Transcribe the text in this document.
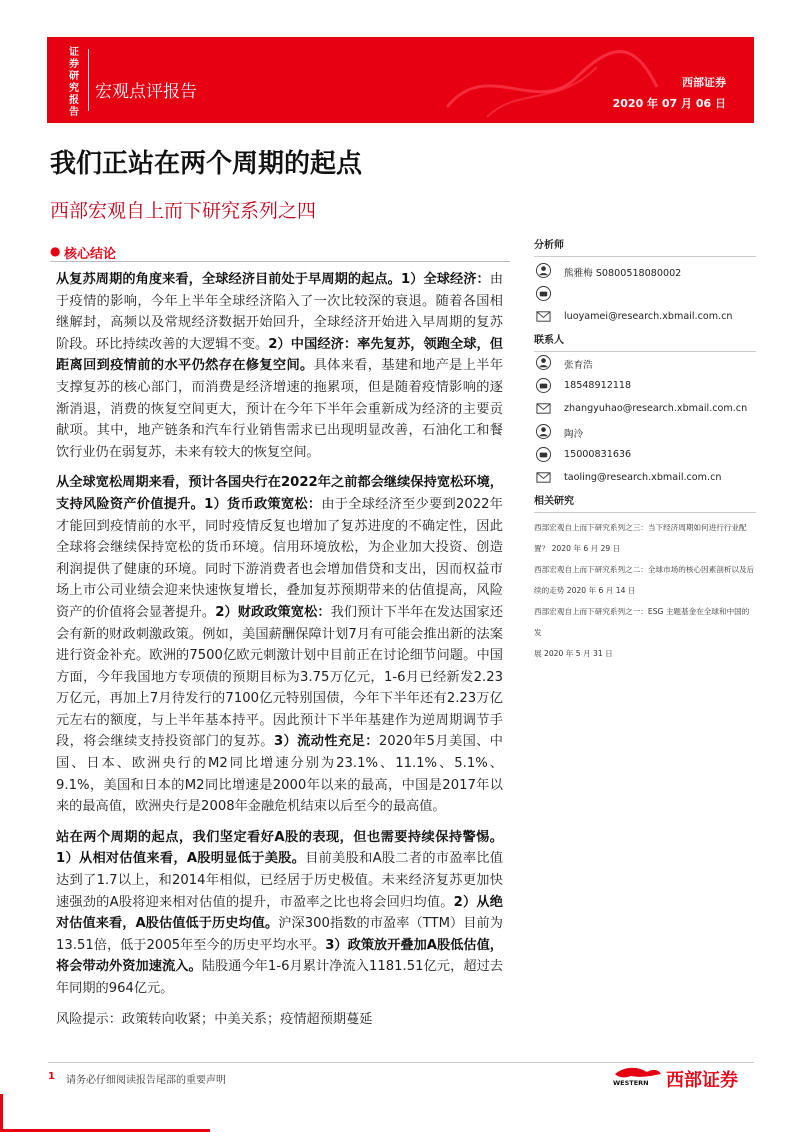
证券研究报告
宏观点评报告	西部证券
2020 年 07 月 06 日
我们正站在两个周期的起点
西部宏观自上而下研究系列之四
● 核心结论

从复苏周期的角度来看，全球经济目前处于早周期的起点。1）全球经济：由于疫情的影响，今年上半年全球经济陷入了一次比较深的衰退。随着各国相继解封，高频以及常规经济数据开始回升，全球经济开始进入早周期的复苏阶段。环比持续改善的大逻辑不变。2）中国经济：率先复苏，领跑全球，但距离回到疫情前的水平仍然存在修复空间。具体来看，基建和地产是上半年支撑复苏的核心部门，而消费是经济增速的拖累项，但是随着疫情影响的逐渐消退，消费的恢复空间更大，预计在今年下半年会重新成为经济的主要贡献项。其中，地产链条和汽车行业销售需求已出现明显改善，石油化工和餐饮行业仍在弱复苏，未来有较大的恢复空间。

从全球宽松周期来看，预计各国央行在2022年之前都会继续保持宽松环境，支持风险资产价值提升。1）货币政策宽松：由于全球经济至少要到2022年才能回到疫情前的水平，同时疫情反复也增加了复苏进度的不确定性，因此全球将会继续保持宽松的货币环境。信用环境放松，为企业加大投资、创造利润提供了健康的环境。同时下游消费者也会增加借贷和支出，因而权益市场上市公司业绩会迎来快速恢复增长，叠加复苏预期带来的估值提高，风险资产的价值将会显著提升。2）财政政策宽松：我们预计下半年在发达国家还会有新的财政刺激政策。例如，美国薪酬保障计划7月有可能会推出新的法案进行资金补充。欧洲的7500亿欧元刺激计划中目前正在讨论细节问题。中国方面，今年我国地方专项债的预期目标为3.75万亿元，1-6月已经新发2.23万亿元，再加上7月待发行的7100亿元特别国债，今年下半年还有2.23万亿元左右的额度，与上半年基本持平。因此预计下半年基建作为逆周期调节手段，将会继续支持投资部门的复苏。3）流动性充足：2020年5月美国、中国、日本、欧洲央行的M2同比增速分别为23.1%、11.1%、5.1%、9.1%，美国和日本的M2同比增速是2000年以来的最高，中国是2017年以来的最高值，欧洲央行是2008年金融危机结束以后至今的最高值。

站在两个周期的起点，我们坚定看好A股的表现，但也需要持续保持警惕。1）从相对估值来看，A股明显低于美股。目前美股和A股二者的市盈率比值达到了1.7以上，和2014年相似，已经居于历史极值。未来经济复苏更加快速强劲的A股将迎来相对估值的提升，市盈率之比也将会回归均值。2）从绝对估值来看，A股估值低于历史均值。沪深300指数的市盈率（TTM）目前为13.51倍，低于2005年至今的历史平均水平。3）政策放开叠加A股低估值，将会带动外资加速流入。陆股通今年1-6月累计净流入1181.51亿元，超过去年同期的964亿元。

风险提示：政策转向收紧；中美关系；疫情超预期蔓延

分析师
熊雅梅 S0800518080002
luoyamei@research.xbmail.com.cn
联系人
张育浩
18548912118
zhangyuhao@research.xbmail.com.cn
陶泠
15000831636
taoling@research.xbmail.com.cn
相关研究
西部宏观自上而下研究系列之三：当下经济周期如何进行行业配
置？ 2020 年 6 月 29 日
西部宏观自上而下研究系列之二：全球市场的核心因素剖析以及后
续的走势 2020 年 6 月 14 日
西部宏观自上而下研究系列之一：ESG 主题基金在全球和中国的发
展 2020 年 5 月 31 日
1 请务必仔细阅读报告尾部的重要声明	WESTERN 西部证券
